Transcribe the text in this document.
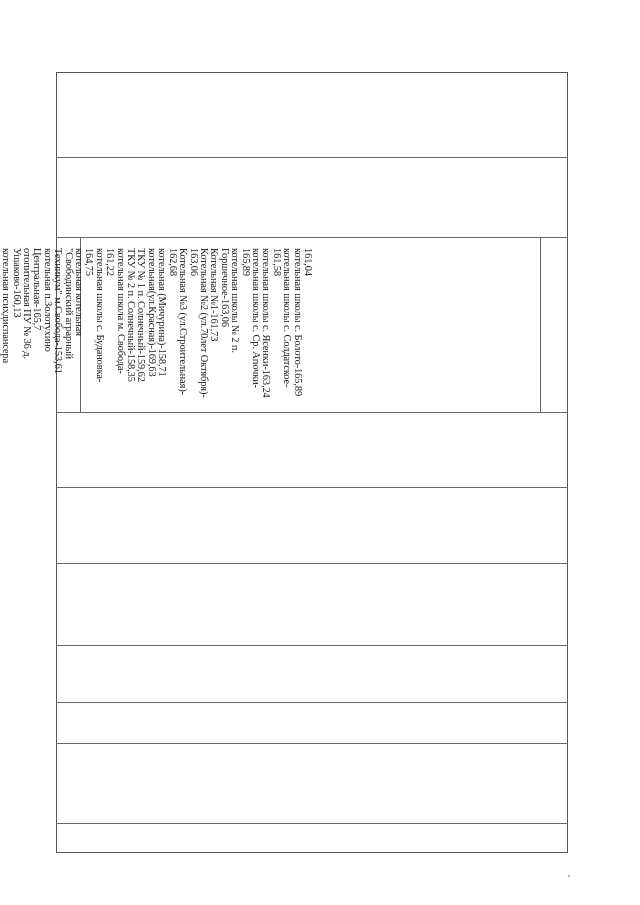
161,04
котельная школы с. Болото-165,89
котельная школы с. Солдатское-
161,58
котельная школы с. Ясенки-163,24
котельная школы с. Ср. Апочки-
165,89
котельная школы № 2 п.
Горшечное-163,06
Котельная №1-161,73
Котельная №2 (ул.70лет Октября)-
163,06
Котельная №3 (ул.Строительная)-
162,68
котельная (Мичурина)-158,71
котельная(ул.Красная)-169,63
ТКУ № 1 п. Солнечный-159,62
ТКУ № 2 п. Солнечный-158,35
котельная школа м. Свобода-
161,22
котельная школы с. Будановка-
164,75
котельная котельная
"Свободинский аграрный
Техникум" м.Свобода-153,61
котельная п.Золотухино
Центральная-165,7
отопительная ПУ № 36 д.
Ушаково-160,13
котельная психдиспансера
